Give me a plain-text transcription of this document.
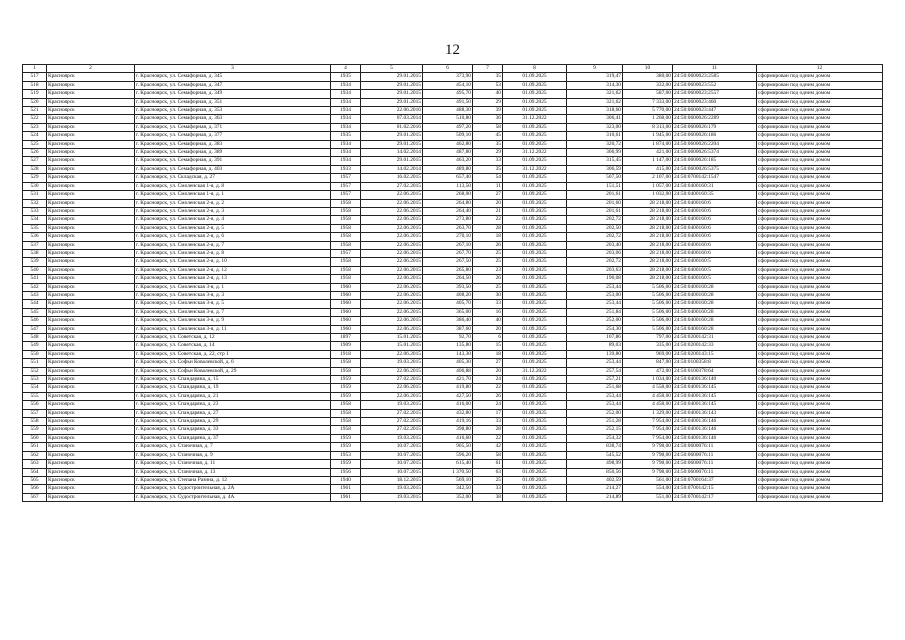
12
1	2	3	4	5	6	7	8	9	10	11	12
517	Красноярск	г. Красноярск, ул. Семафорная, д. 345	1935	29.01.2015	373,90	35	01.09.2025	319,47	380,00	24:50:0600023:2585	сформирован под одним домом
518	Красноярск	г. Красноярск, ул. Семафорная, д. 347	1934	29.01.2015	454,10	53	01.09.2025	314,30	332,00	24:50:0600023:552	сформирован под одним домом
519	Красноярск	г. Красноярск, ул. Семафорная, д. 349	1934	29.01.2015	495,70	40	01.09.2025	321,62	587,00	24:50:0600023:2557	сформирован под одним домом
520	Красноярск	г. Красноярск, ул. Семафорная, д. 351	1934	29.01.2015	491,50	29	01.09.2025	321,62	7 333,00	24:50:0600023:460	сформирован под одним домом
521	Красноярск	г. Красноярск, ул. Семафорная, д. 353	1934	22.06.2016	488,30	39	01.09.2025	318,60	5 770,00	24:50:0600023:447	сформирован под одним домом
522	Красноярск	г. Красноярск, ул. Семафорная, д. 363	1934	07.03.2014	510,80	36	31.12.2022	306,41	1 268,00	24:50:0600026:2289	сформирован под одним домом
523	Красноярск	г. Красноярск, ул. Семафорная, д. 371	1934	01.02.2016	497,20	58	01.09.2025	323,00	8 313,00	24:50:0600026:179	сформирован под одним домом
524	Красноярск	г. Красноярск, ул. Семафорная, д. 377	1935	29.01.2015	509,10	45	01.09.2025	310,61	1 945,00	24:50:0600026:186	сформирован под одним домом
525	Красноярск	г. Красноярск, ул. Семафорная, д. 383	1934	29.01.2015	462,80	35	01.09.2025	320,72	1 874,00	24:50:0600026:2204	сформирован под одним домом
526	Красноярск	г. Красноярск, ул. Семафорная, д. 389	1934	14.02.2014	487,80	29	31.12.2022	306,99	421,00	24:50:0600026:5374	сформирован под одним домом
527	Красноярск	г. Красноярск, ул. Семафорная, д. 391	1934	29.01.2015	463,20	33	01.09.2025	315,45	1 147,00	24:50:0600026:185	сформирован под одним домом
528	Красноярск	г. Красноярск, ул. Семафорная, д. 403	1933	14.02.2014	489,80	35	31.12.2022	306,59	415,00	24:50:0600026:5375	сформирован под одним домом
529	Красноярск	г. Красноярск, ул. Складская, д. 27	1957	16.02.2015	657,40	54	01.09.2025	507,50	2 107,00	24:50:0700142:1547	сформирован под одним домом
530	Красноярск	г. Красноярск, ул. Смоленская 1-я, д. 8	1957	27.02.2015	113,50	11	01.09.2025	151,51	1 057,00	24:50:0400160:31	сформирован под одним домом
531	Красноярск	г. Красноярск, ул. Смоленская 1-я, д. 1	1957	22.06.2015	268,00	27	01.09.2025	201,61	1 032,00	24:50:0400160:35	сформирован под одним домом
532	Красноярск	г. Красноярск, ул. Смоленская 2-я, д. 2	1958	22.06.2015	264,80	20	01.09.2025	201,60	28 218,00	24:50:0400160:6	сформирован под одним домом
533	Красноярск	г. Красноярск, ул. Смоленская 2-я, д. 3	1958	22.06.2015	264,40	21	01.09.2025	201,61	28 218,00	24:50:0400160:6	сформирован под одним домом
534	Красноярск	г. Красноярск, ул. Смоленская 2-я, д. 4	1958	22.06.2015	273,80	22	01.09.2025	202,72	28 218,00	24:50:0400160:6	сформирован под одним домом
535	Красноярск	г. Красноярск, ул. Смоленская 2-я, д. 5	1958	22.06.2015	263,70	28	01.09.2025	202,50	28 218,00	24:50:0400160:6	сформирован под одним домом
536	Красноярск	г. Красноярск, ул. Смоленская 2-я, д. 6	1958	22.06.2015	270,10	18	01.09.2025	202,72	28 218,00	24:50:0400160:6	сформирован под одним домом
537	Красноярск	г. Красноярск, ул. Смоленская 2-я, д. 7	1958	22.06.2015	267,10	26	01.09.2025	203,40	28 218,00	24:50:0400160:6	сформирован под одним домом
538	Красноярск	г. Красноярск, ул. Смоленская 2-я, д. 8	1957	22.06.2015	267,70	25	01.09.2025	203,06	28 218,00	24:50:0400160:6	сформирован под одним домом
539	Красноярск	г. Красноярск, ул. Смоленская 2-я, д. 10	1958	22.06.2015	267,50	25	01.09.2025	202,72	28 218,00	24:50:0400160:5	сформирован под одним домом
540	Красноярск	г. Красноярск, ул. Смоленская 2-я, д. 12	1958	22.06.2015	265,80	23	01.09.2025	203,63	28 218,00	24:50:0400160:5	сформирован под одним домом
541	Красноярск	г. Красноярск, ул. Смоленская 2-я, д. 13	1958	22.06.2015	264,50	26	01.09.2025	190,08	28 218,00	24:50:0400160:5	сформирован под одним домом
542	Красноярск	г. Красноярск, ул. Смоленская 3-я, д. 1	1960	22.06.2015	393,50	25	01.09.2025	253,44	5 506,00	24:50:0400160:28	сформирован под одним домом
543	Красноярск	г. Красноярск, ул. Смоленская 3-я, д. 3	1960	22.06.2015	408,20	30	01.09.2025	253,00	5 506,00	24:50:0400160:28	сформирован под одним домом
544	Красноярск	г. Красноярск, ул. Смоленская 3-я, д. 5	1960	22.06.2015	405,70	33	01.09.2025	253,44	5 506,00	24:50:0400160:28	сформирован под одним домом
545	Красноярск	г. Красноярск, ул. Смоленская 3-я, д. 7	1960	22.06.2015	365,00	16	01.09.2025	251,84	5 506,00	24:50:0400160:28	сформирован под одним домом
546	Красноярск	г. Красноярск, ул. Смоленская 3-я, д. 9	1960	22.06.2015	386,40	40	01.09.2025	252,00	5 506,00	24:50:0400160:28	сформирован под одним домом
547	Красноярск	г. Красноярск, ул. Смоленская 3-я, д. 11	1960	22.06.2015	387,60	20	01.09.2025	254,30	5 506,00	24:50:0400160:28	сформирован под одним домом
548	Красноярск	г. Красноярск, ул. Советская, д. 12	1897	15.01.2015	92,70	6	01.09.2025	107,86	797,00	24:50:0200142:31	сформирован под одним домом
549	Красноярск	г. Красноярск, ул. Советская, д. 14	1909	15.01.2015	135,80	15	01.09.2025	89,03	335,00	24:50:0200142:33	сформирован под одним домом
550	Красноярск	г. Красноярск, ул. Советская, д. 22, стр 1	1918	22.06.2015	143,30	18	01.09.2025	139,80	969,00	24:50:0200143:15	сформирован под одним домом
551	Красноярск	г. Красноярск, ул. Софьи Ковалевской, д. 6	1958	19.03.2015	405,30	27	01.09.2025	253,44	847,00	24:50:0100358:8	сформирован под одним домом
552	Красноярск	г. Красноярск, ул. Софьи Ковалевской, д. 29	1958	22.06.2015	406,88	20	31.12.2022	257,54	472,00	24:50:0100378:64	сформирован под одним домом
553	Красноярск	г. Красноярск, ул. Спандаряна, д. 15	1959	27.02.2015	421,70	24	01.09.2025	257,21	1 034,00	24:50:0400136:140	сформирован под одним домом
554	Красноярск	г. Красноярск, ул. Спандаряна, д. 19	1959	22.06.2015	419,80	22	01.09.2025	251,68	4 558,00	24:50:0400136:145	сформирован под одним домом
555	Красноярск	г. Красноярск, ул. Спандаряна, д. 21	1959	22.06.2015	427,50	26	01.09.2025	253,44	4 458,00	24:50:0400136:145	сформирован под одним домом
556	Красноярск	г. Красноярск, ул. Спандаряна, д. 23	1958	19.03.2015	416,00	24	01.09.2025	253,44	4 458,00	24:50:0400136:145	сформирован под одним домом
557	Красноярск	г. Красноярск, ул. Спандаряна, д. 27	1958	27.02.2015	432,80	17	01.09.2025	252,00	1 329,00	24:50:0400136:143	сформирован под одним домом
558	Красноярск	г. Красноярск, ул. Спандаряна, д. 29	1958	27.02.2015	419,16	33	01.09.2025	251,28	7 954,00	24:50:0400136:146	сформирован под одним домом
559	Красноярск	г. Красноярск, ул. Спандаряна, д. 33	1958	27.02.2015	398,80	28	01.09.2025	252,15	7 954,00	24:50:0400136:146	сформирован под одним домом
560	Красноярск	г. Красноярск, ул. Спандаряна, д. 37	1959	19.03.2015	416,60	22	01.09.2025	254,32	7 954,00	24:50:0400136:146	сформирован под одним домом
561	Красноярск	г. Красноярск, ул. Станочная, д. 7	1959	10.07.2015	905,50	42	01.09.2025	838,74	9 798,00	24:50:0600076:11	сформирован под одним домом
562	Красноярск	г. Красноярск, ул. Станочная, д. 9	1953	10.07.2015	596,20	58	01.09.2025	545,52	9 798,00	24:50:0600076:11	сформирован под одним домом
563	Красноярск	г. Красноярск, ул. Станочная, д. 11	1959	10.07.2015	615,40	61	01.09.2025	498,99	9 798,00	24:50:0600076:11	сформирован под одним домом
564	Красноярск	г. Красноярск, ул. Станочная, д. 13	1956	10.07.2015	1 370,50	63	01.09.2025	850,56	9 798,00	24:50:0600076:11	сформирован под одним домом
565	Красноярск	г. Красноярск, ул. Степана Разина, д. 12	1940	18.12.2015	569,10	25	01.09.2025	402,59	561,00	24:50:0700164:37	сформирован под одним домом
566	Красноярск	г. Красноярск, ул. Судостроительная, д. 2А	1961	19.03.2015	342,50	33	01.09.2025	214,27	554,00	24:50:0700142:15	сформирован под одним домом
567	Красноярск	г. Красноярск, ул. Судостроительная, д. 4А	1961	19.03.2015	352,00	38	01.09.2025	214,89	551,00	24:50:0700142:17	сформирован под одним домом
